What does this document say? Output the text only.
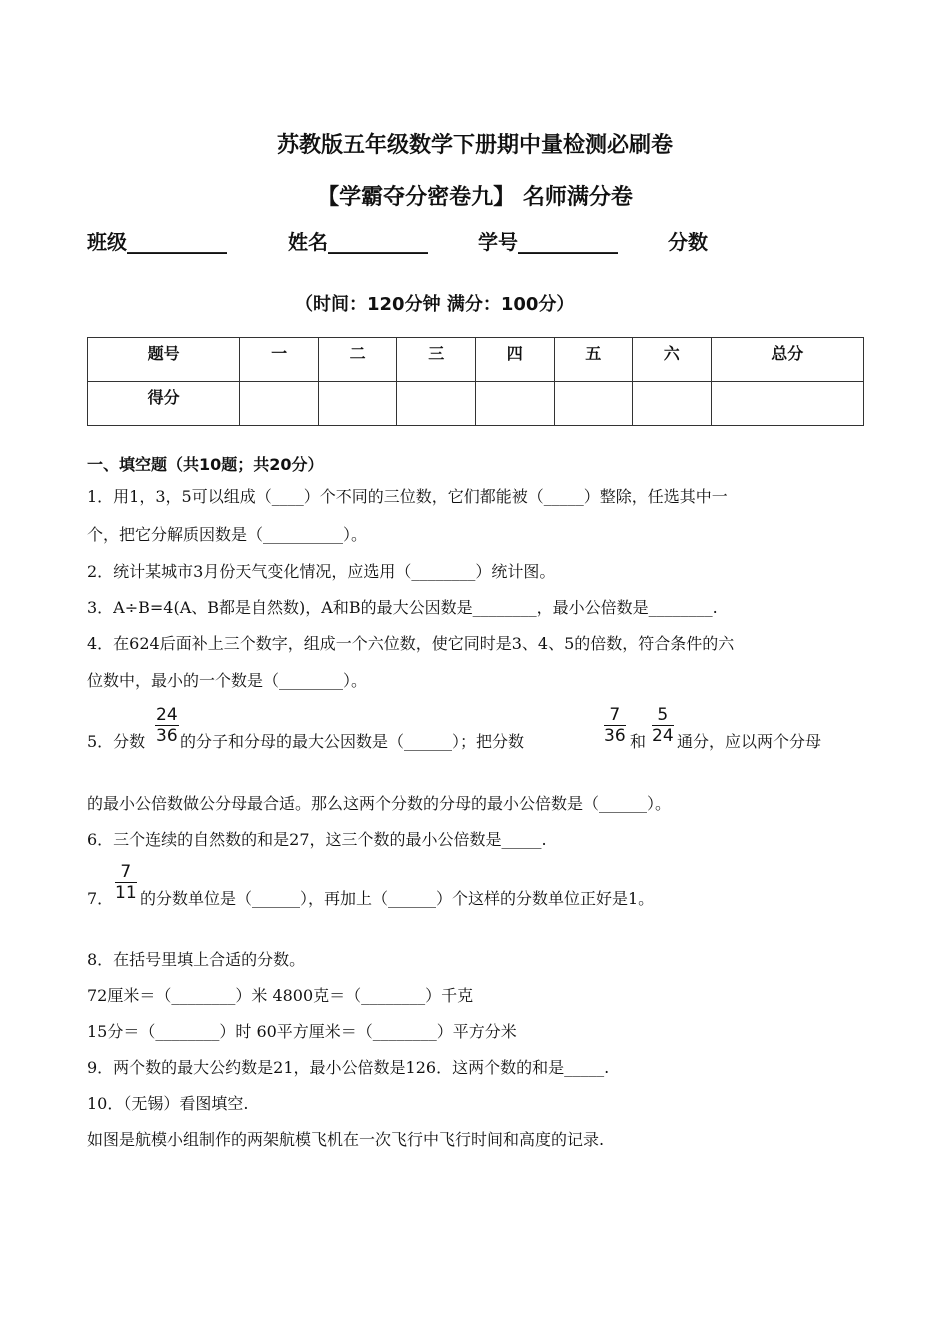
苏教版五年级数学下册期中量检测必刷卷
【学霸夺分密卷九】 名师满分卷
班级__________	姓名__________	学号__________	分数
（时间：120分钟 满分：100分）
题号	一	二	三	四	五	六	总分
得分							
一、填空题（共10题；共20分）
1．用1，3，5可以组成（____）个不同的三位数，它们都能被（_____）整除，任选其中一
个，把它分解质因数是（__________）。
2．统计某城市3月份天气变化情况，应选用（________）统计图。
3．A÷B=4(A、B都是自然数)，A和B的最大公因数是________，最小公倍数是________.
4．在624后面补上三个数字，组成一个六位数，使它同时是3、4、5的倍数，符合条件的六
位数中，最小的一个数是（________）。
5．分数 $\frac{24}{36}$ 的分子和分母的最大公因数是（______）；把分数	$\frac{7}{36}$ 和 $\frac{5}{24}$ 通分，应以两个分母
的最小公倍数做公分母最合适。那么这两个分数的分母的最小公倍数是（______）。
6．三个连续的自然数的和是27，这三个数的最小公倍数是_____.
7． $\frac{7}{11}$ 的分数单位是（______），再加上（______）个这样的分数单位正好是1。
8．在括号里填上合适的分数。
72厘米＝（________）米 4800克＝（________）千克
15分＝（________）时 60平方厘米＝（________）平方分米
9．两个数的最大公约数是21，最小公倍数是126．这两个数的和是_____.
10．（无锡）看图填空.
如图是航模小组制作的两架航模飞机在一次飞行中飞行时间和高度的记录.
